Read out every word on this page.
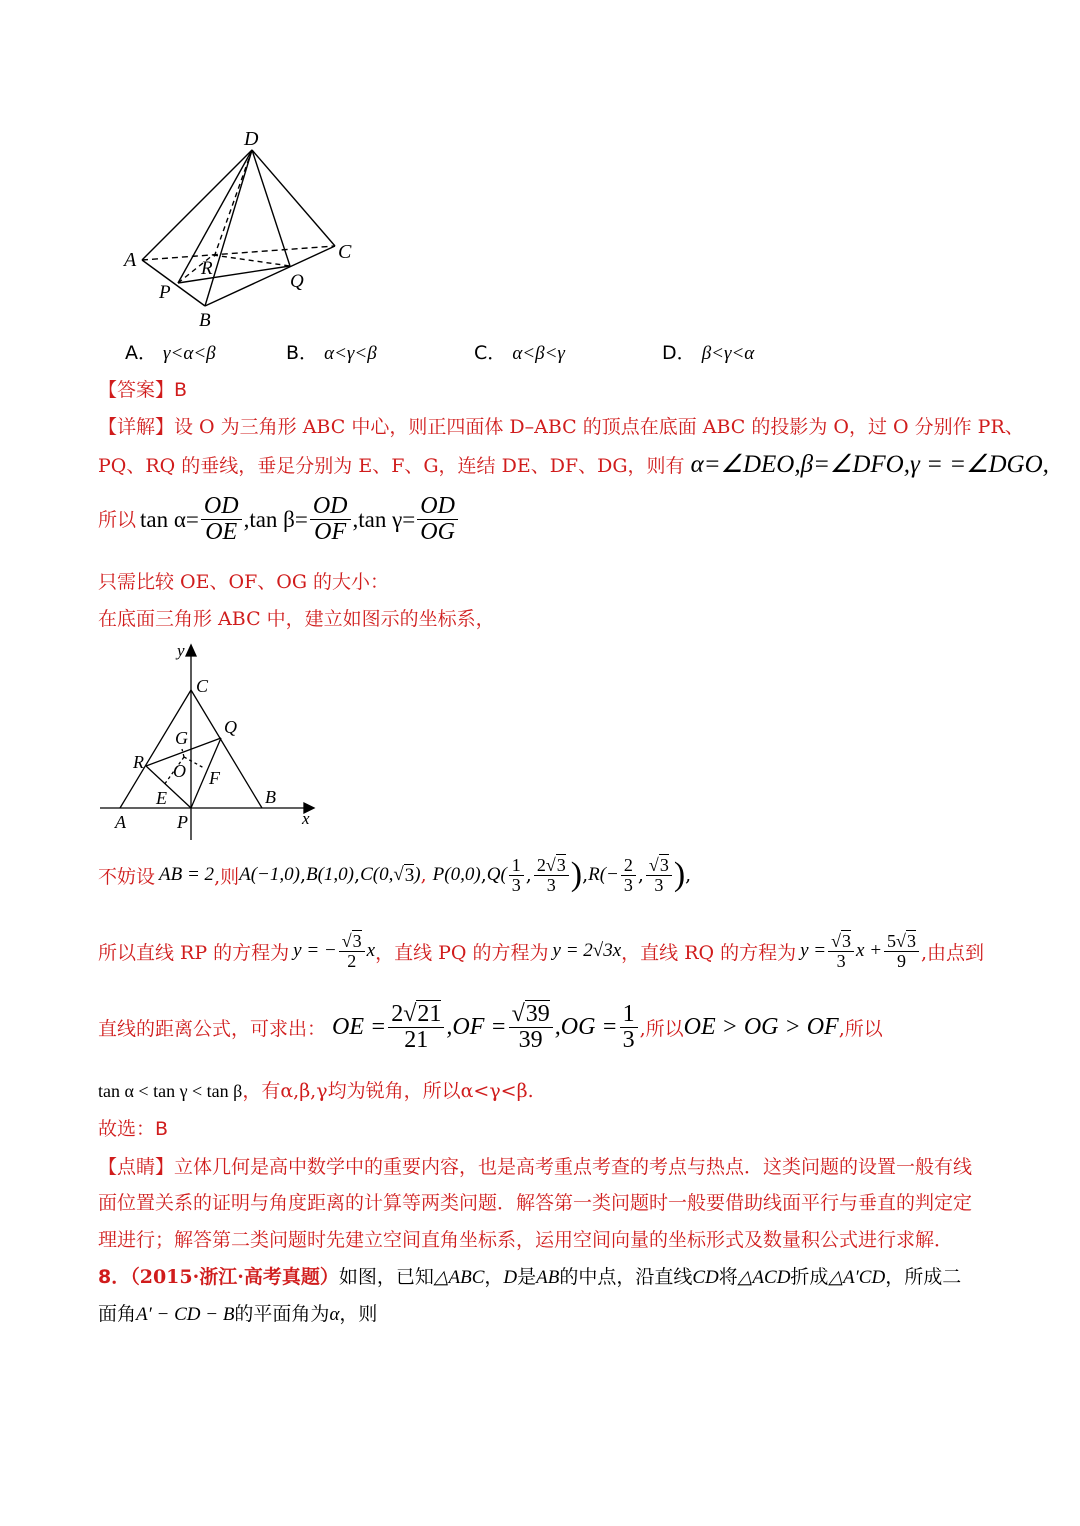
D
A	C
R
P
Q
B
A． γ<α<β	B． α<γ<β	C． α<β<γ	D． β<γ<α
【答案】B
【详解】设 O 为三角形 ABC 中心，则正四面体 D–ABC 的顶点在底面 ABC 的投影为 O，过 O 分别作 PR、
PQ、RQ 的垂线，垂足分别为 E、F、G，连结 DE、DF、DG，则有 α=∠DEO,β=∠DFO,γ = =∠DGO,
所以 $\tan \alpha= \frac{OD}{OE} ,\tan$ $\beta= \frac{OD}{OF} ,\tan$ $\gamma= \frac{OD}{OG}$
只需比较 OE、OF、OG 的大小：
在底面三角形 ABC 中，建立如图示的坐标系，
y
C
Q
G
R O F
E	B
A	P	x
不妨设 AB = 2 ,则 A(−1,0) , B(1,0) , C(0, √ 3 ) , P(0,0) , $Q( \frac{1}{3}$ , $\frac{2√3}{3}$ ) , $R(- \frac{2}{3}$ , $\frac{√3}{3}$ ) ,
所以直线 RP 的方程为 y = − $\frac{√3}{2}$ x ，直线 PQ 的方程为 y = 2√3x ，直线 RQ 的方程为 $y = \frac{√3}{3}$ $x + \frac{5√3}{9}$ ,由点到
直线的距离公式，可求出： OE = $\frac{2√21}{21} ,OF = \frac{√39}{39} ,OG = \frac{1}{3}$ ,所以 OE > OG > OF ,所以
tan α < tan γ < tan β，有α,β,γ均为锐角，所以α<γ<β.
故选：B
【点睛】立体几何是高中数学中的重要内容，也是高考重点考查的考点与热点．这类问题的设置一般有线
面位置关系的证明与角度距离的计算等两类问题．解答第一类问题时一般要借助线面平行与垂直的判定定
理进行；解答第二类问题时先建立空间直角坐标系，运用空间向量的坐标形式及数量积公式进行求解．
8．（2015·浙江·高考真题）如图，已知△ABC，D是AB的中点，沿直线CD将△ACD折成△A′CD，所成二
面角A′ − CD − B的平面角为α，则
